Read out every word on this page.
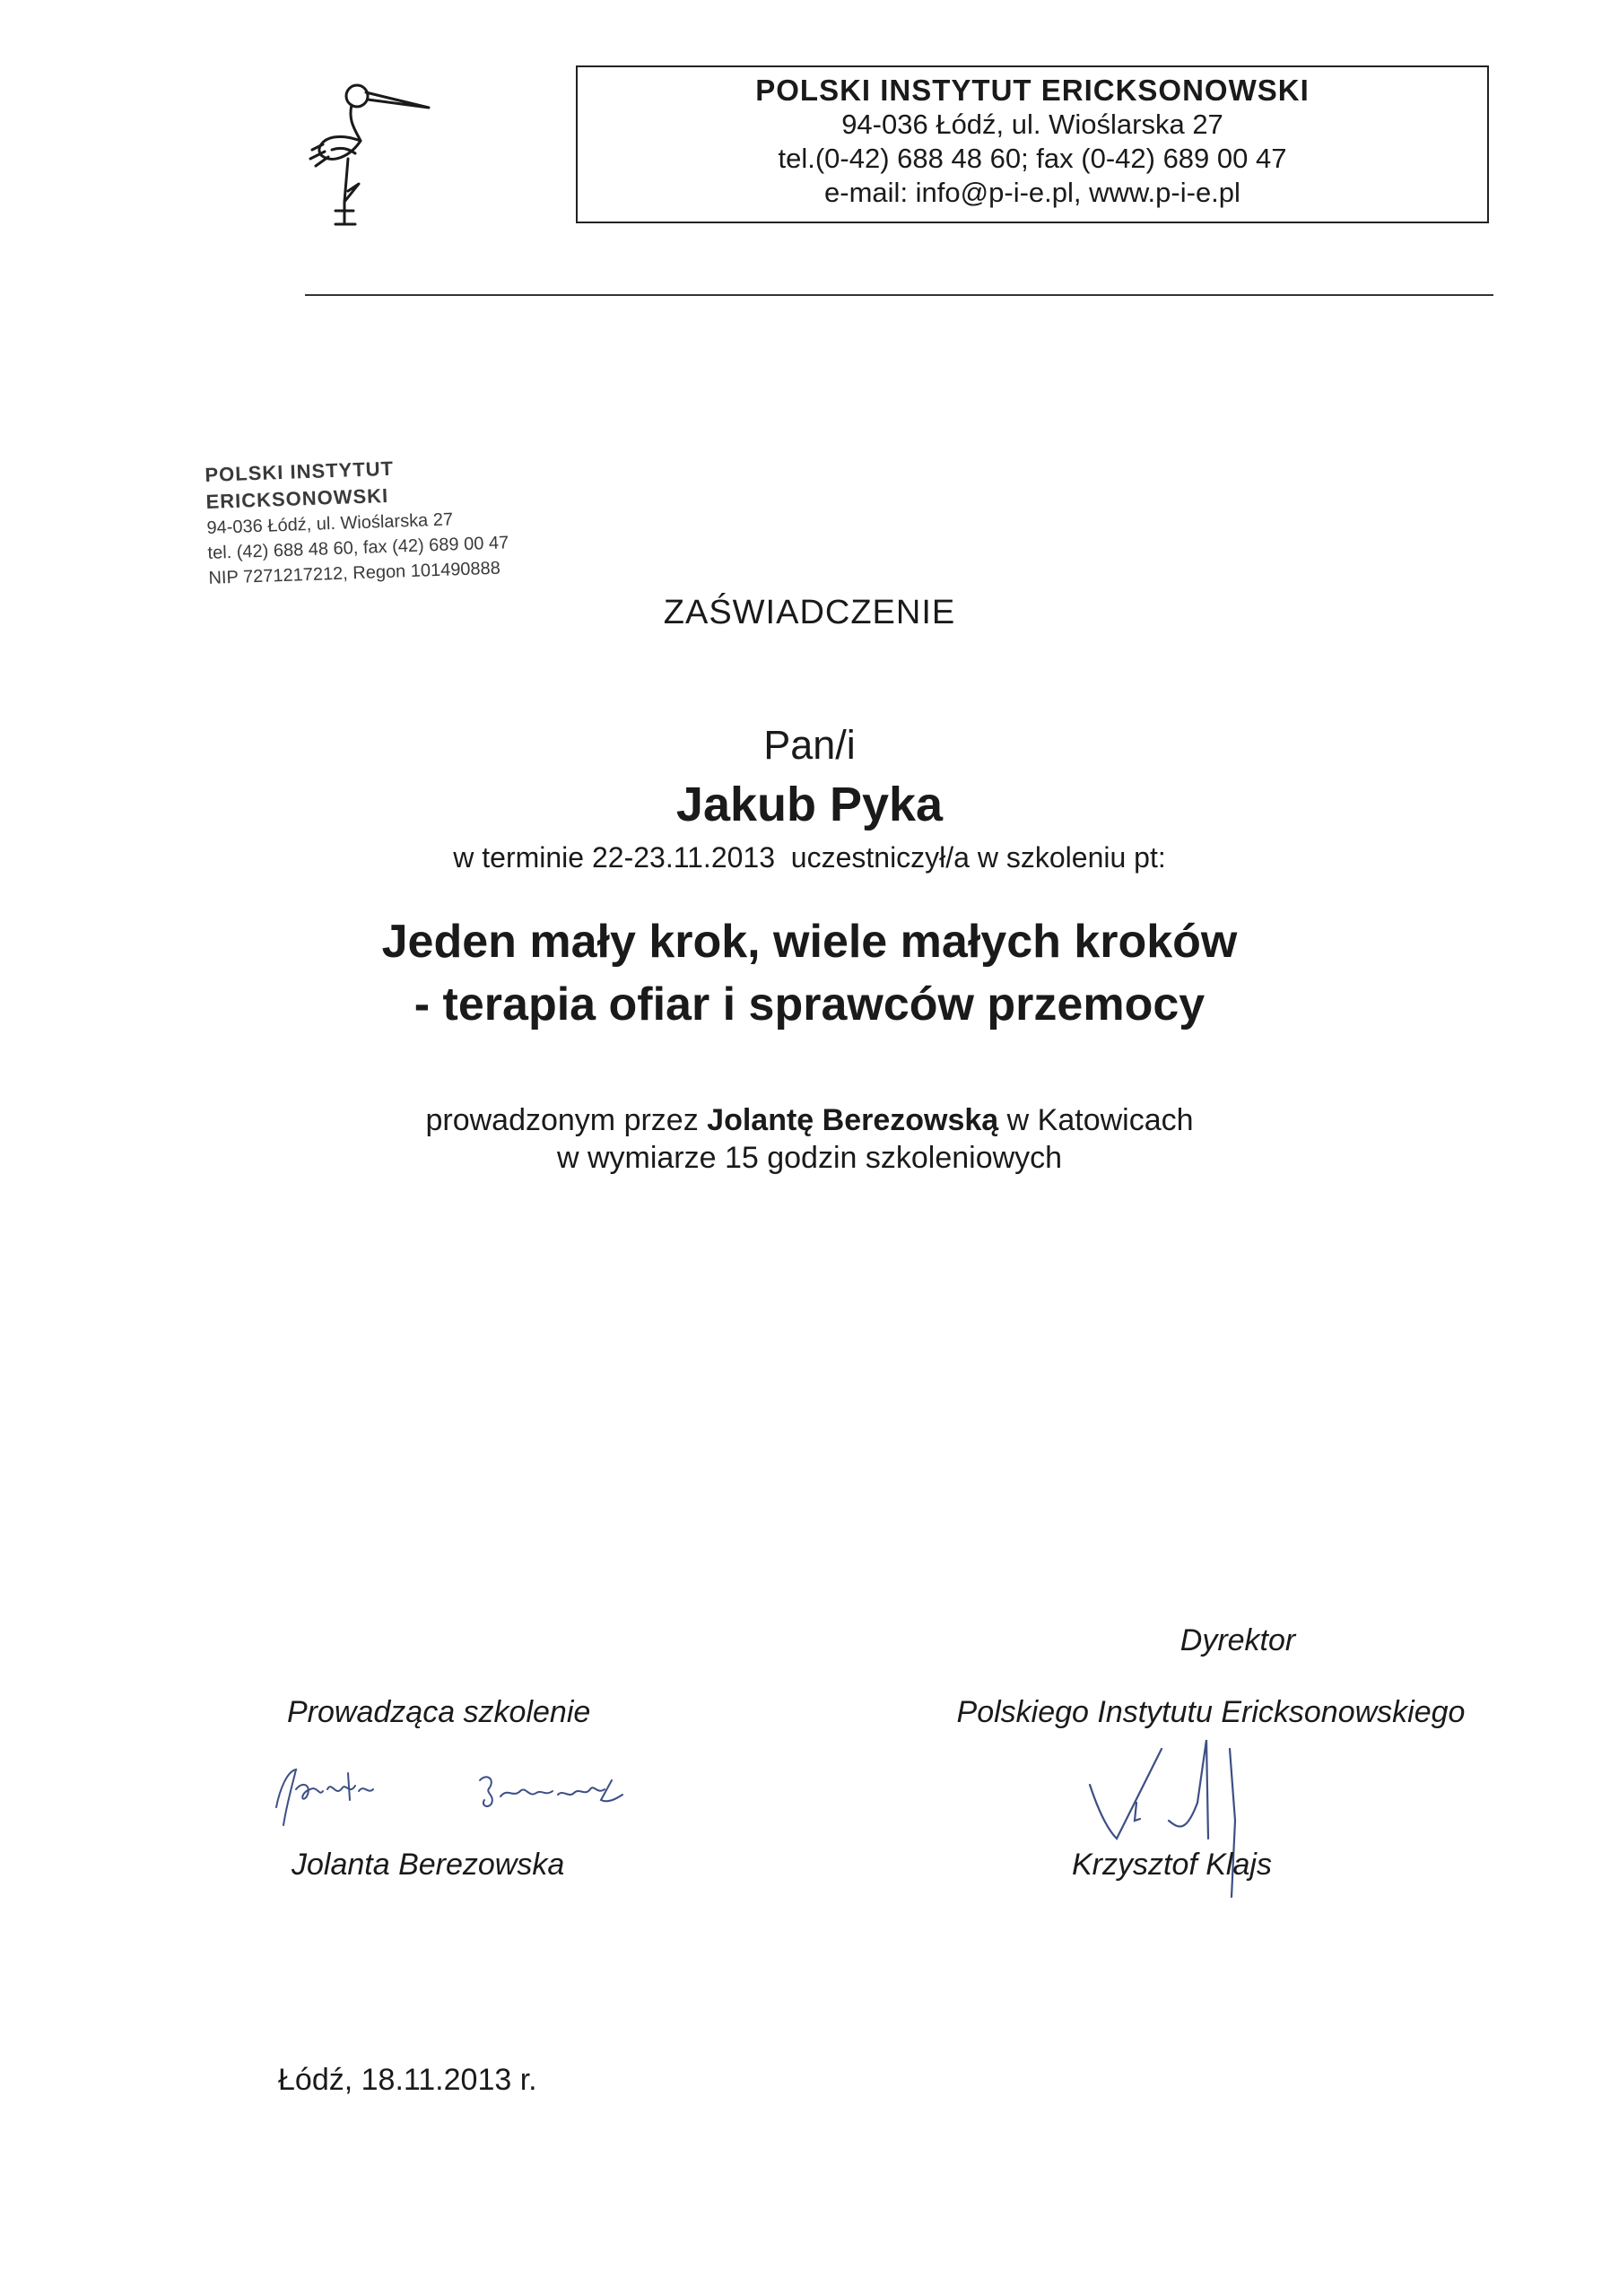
POLSKI INSTYTUT ERICKSONOWSKI
94-036 Łódź, ul. Wioślarska 27
tel.(0-42) 688 48 60; fax (0-42) 689 00 47
e-mail: info@p-i-e.pl, www.p-i-e.pl
POLSKI INSTYTUT ERICKSONOWSKI
94-036 Łódź, ul. Wioślarska 27
tel. (42) 688 48 60, fax (42) 689 00 47
NIP 7271217212, Regon 101490888
ZAŚWIADCZENIE
Pan/i
Jakub Pyka
w terminie 22-23.11.2013 uczestniczył/a w szkoleniu pt:
Jeden mały krok, wiele małych kroków
- terapia ofiar i sprawców przemocy
prowadzonym przez Jolantę Berezowską w Katowicach
w wymiarze 15 godzin szkoleniowych
Dyrektor
Prowadząca szkolenie	Polskiego Instytutu Ericksonowskiego
Jolanta Berezowska	Krzysztof Klajs
Łódź, 18.11.2013 r.
